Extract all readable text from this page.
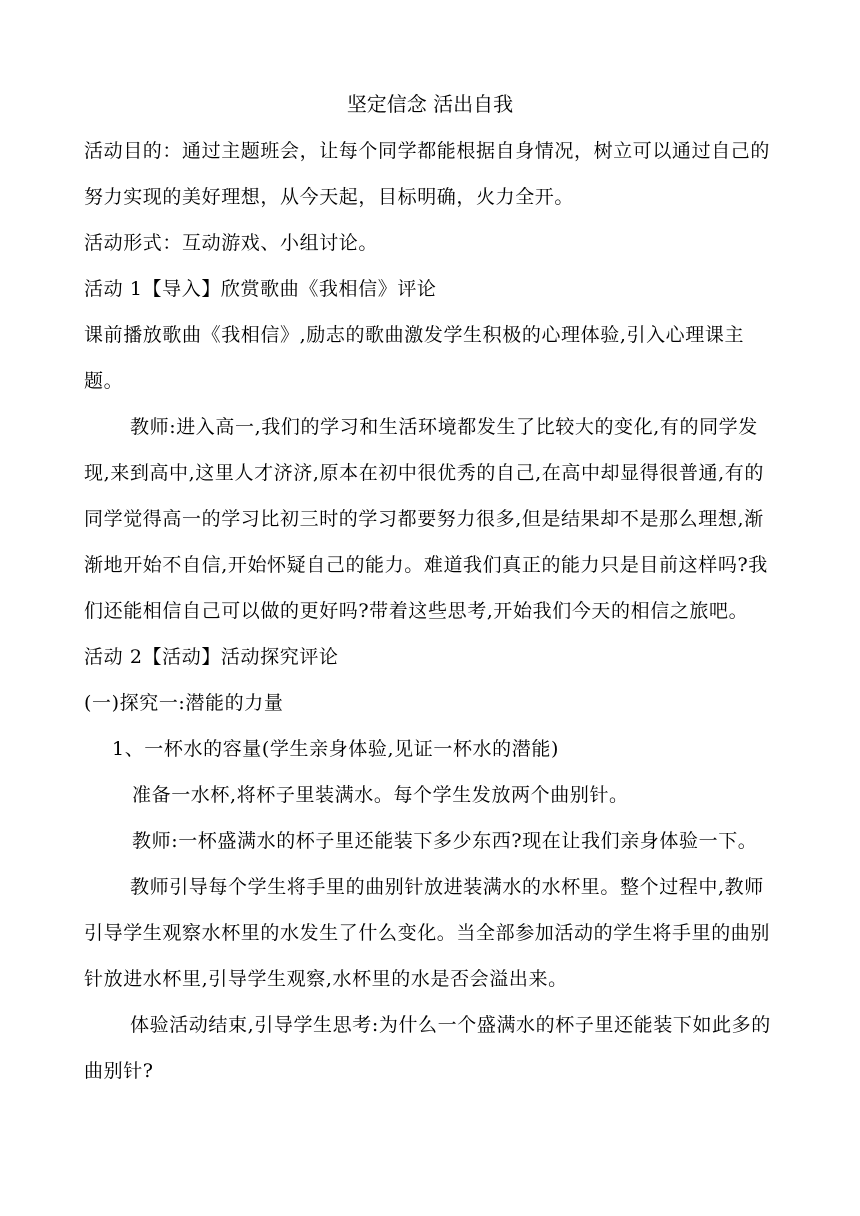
坚定信念 活出自我

活动目的：通过主题班会，让每个同学都能根据自身情况，树立可以通过自己的努力实现的美好理想，从今天起，目标明确，火力全开。

活动形式：互动游戏、小组讨论。

活动 1【导入】欣赏歌曲《我相信》评论

课前播放歌曲《我相信》,励志的歌曲激发学生积极的心理体验,引入心理课主题。

教师:进入高一,我们的学习和生活环境都发生了比较大的变化,有的同学发现,来到高中,这里人才济济,原本在初中很优秀的自己,在高中却显得很普通,有的同学觉得高一的学习比初三时的学习都要努力很多,但是结果却不是那么理想,渐渐地开始不自信,开始怀疑自己的能力。难道我们真正的能力只是目前这样吗?我们还能相信自己可以做的更好吗?带着这些思考,开始我们今天的相信之旅吧。

活动 2【活动】活动探究评论

(一)探究一:潜能的力量

1、一杯水的容量(学生亲身体验,见证一杯水的潜能)

准备一水杯,将杯子里装满水。每个学生发放两个曲别针。

教师:一杯盛满水的杯子里还能装下多少东西?现在让我们亲身体验一下。

教师引导每个学生将手里的曲别针放进装满水的水杯里。整个过程中,教师引导学生观察水杯里的水发生了什么变化。当全部参加活动的学生将手里的曲别针放进水杯里,引导学生观察,水杯里的水是否会溢出来。

体验活动结束,引导学生思考:为什么一个盛满水的杯子里还能装下如此多的曲别针?
